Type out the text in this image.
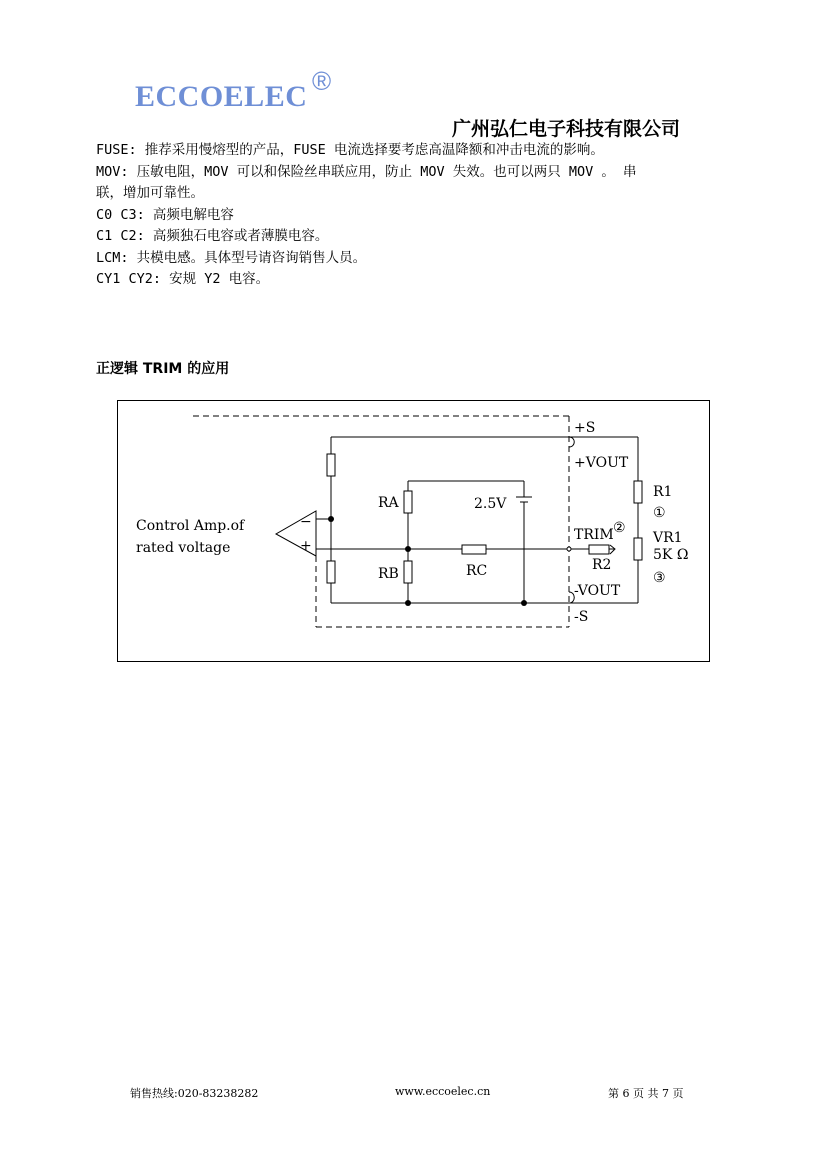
ECCOELEC ®
广州弘仁电子科技有限公司

FUSE: 推荐采用慢熔型的产品，FUSE 电流选择要考虑高温降额和冲击电流的影响。

MOV: 压敏电阻，MOV 可以和保险丝串联应用，防止 MOV 失效。也可以两只 MOV 。 串

联，增加可靠性。

C0 C3: 高频电解电容

C1 C2: 高频独石电容或者薄膜电容。

LCM: 共模电感。具体型号请咨询销售人员。

CY1 CY2: 安规 Y2 电容。

正逻辑 TRIM 的应用
Control Amp.of
rated voltage
−
+
RA
RB	RC
2.5V
+S
+VOUT
TRIM ②
R2
-VOUT
-S
R1
①
VR1
5K Ω
③
销售热线:020-83238282	www.eccoelec.cn	第 6 页 共 7 页
